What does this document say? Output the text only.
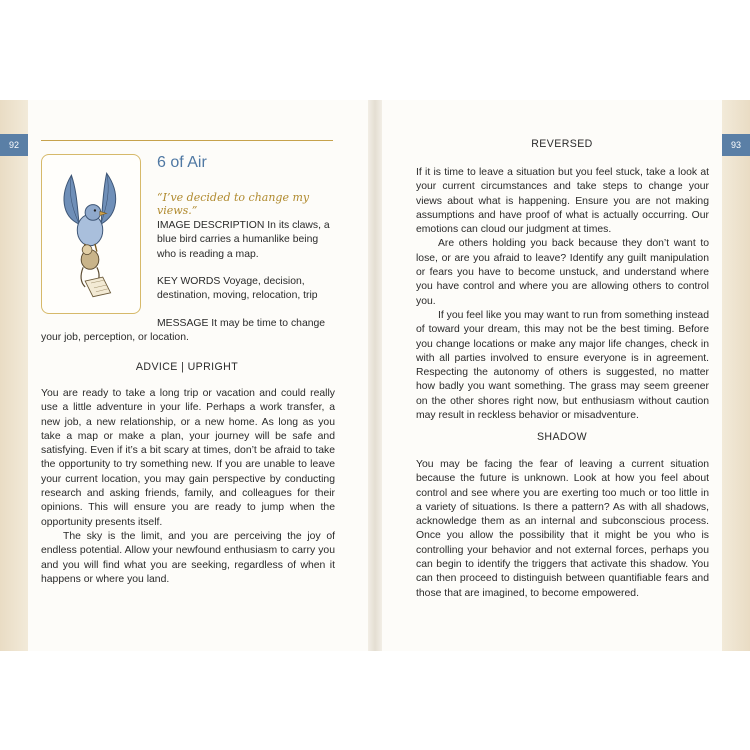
92	93
6 of Air
“I’ve decided to change my views.”
IMAGE DESCRIPTION In its claws, a blue bird carries a humanlike being who is reading a map.
KEY WORDS Voyage, decision, destination, moving, relocation, trip
MESSAGE It may be time to change
your job, perception, or location.
ADVICE | UPRIGHT

You are ready to take a long trip or vacation and could really use a little adventure in your life. Perhaps a work transfer, a new job, a new relationship, or a new home. As long as you take a map or make a plan, your journey will be safe and satisfying. Even if it’s a bit scary at times, don’t be afraid to take the opportunity to try something new. If you are unable to leave your current location, you may gain perspective by conducting research and asking friends, family, and colleagues for their opinions. This will ensure you are ready to jump when the opportunity presents itself.

The sky is the limit, and you are perceiving the joy of endless potential. Allow your newfound enthusiasm to carry you and you will find what you are seeking, regardless of when it happens or where you land.

REVERSED

If it is time to leave a situation but you feel stuck, take a look at your current circumstances and take steps to change your views about what is happening. Ensure you are not making assumptions and have proof of what is actually occurring. Our emotions can cloud our judgment at times.

Are others holding you back because they don’t want to lose, or are you afraid to leave? Identify any guilt manipulation or fears you have to become unstuck, and understand where you have control and where you are allowing others to control you.

If you feel like you may want to run from something instead of toward your dream, this may not be the best timing. Before you change locations or make any major life changes, check in with all parties involved to ensure everyone is in agreement. Respecting the autonomy of others is suggested, no matter how badly you want something. The grass may seem greener on the other shores right now, but enthusiasm without caution may result in reckless behavior or misadventure.

SHADOW

You may be facing the fear of leaving a current situation because the future is unknown. Look at how you feel about control and see where you are exerting too much or too little in a variety of situations. Is there a pattern? As with all shadows, acknowledge them as an internal and subconscious process. Once you allow the possibility that it might be you who is controlling your behavior and not external forces, perhaps you can begin to identify the triggers that activate this shadow. You can then proceed to distinguish between quantifiable fears and those that are imagined, to become empowered.
